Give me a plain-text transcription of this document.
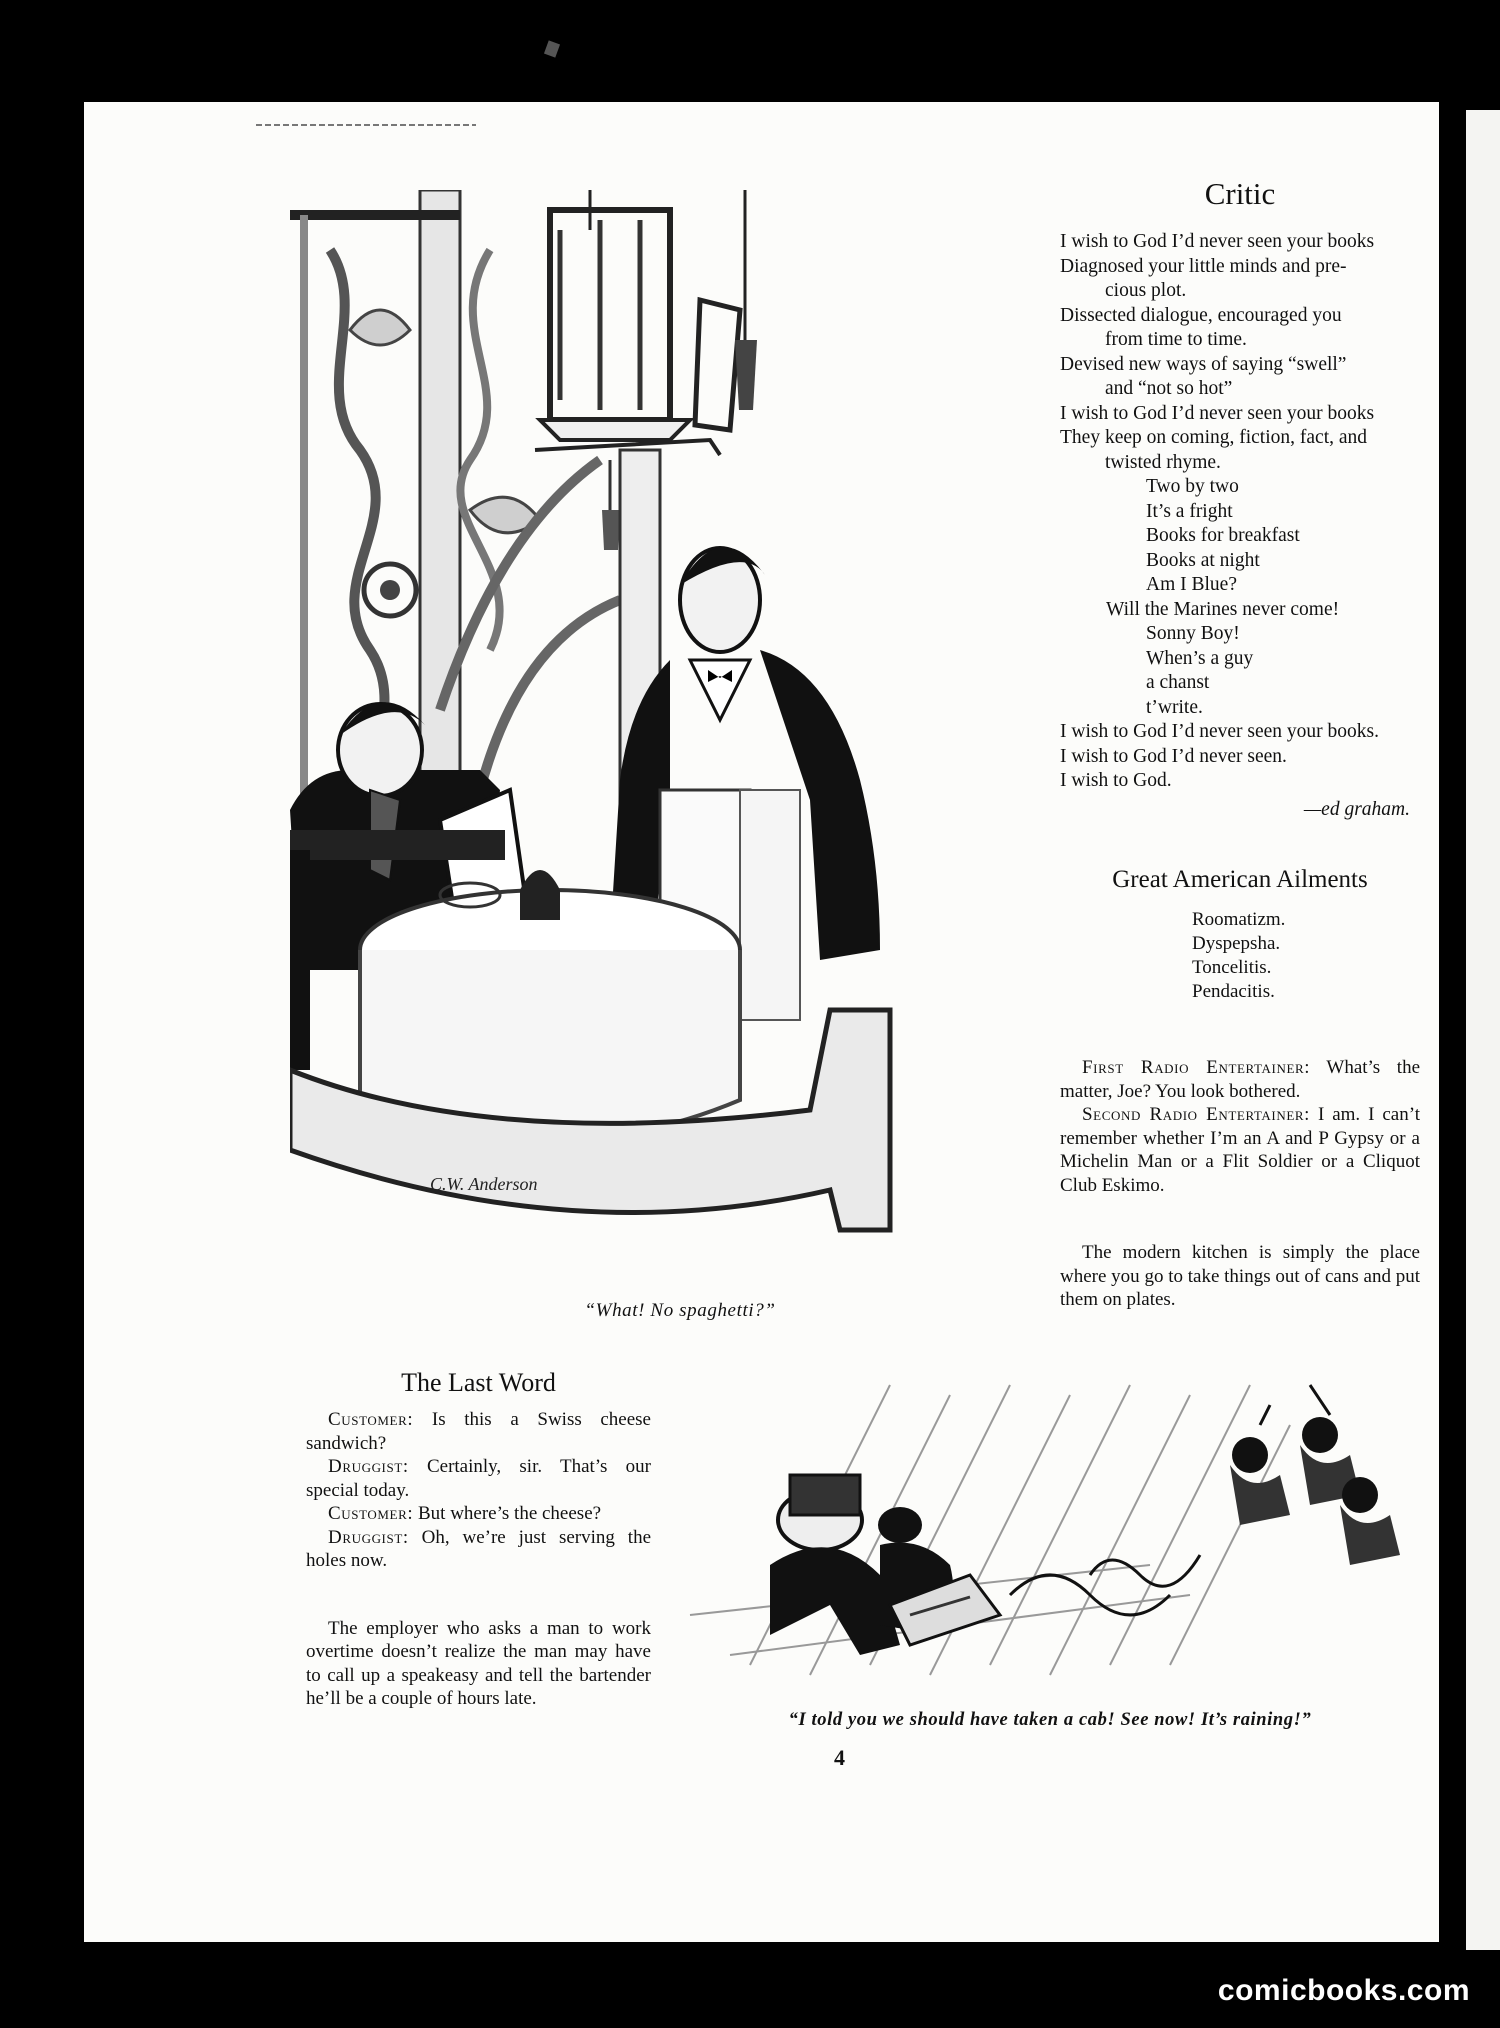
C.W. Anderson
“What! No spaghetti?”
Critic
I wish to God I’d never seen your books
Diagnosed your little minds and pre-
cious plot.
Dissected dialogue, encouraged you
from time to time.
Devised new ways of saying “swell”
and “not so hot”
I wish to God I’d never seen your books
They keep on coming, fiction, fact, and
twisted rhyme.
Two by two
It’s a fright
Books for breakfast
Books at night
Am I Blue?
Will the Marines never come!
Sonny Boy!
When’s a guy
a chanst
t’write.
I wish to God I’d never seen your books.
I wish to God I’d never seen.
I wish to God.
—ed graham.
Great American Ailments
Roomatizm.
Dyspepsha.
Toncelitis.
Pendacitis.
First Radio Entertainer: What’s the matter, Joe? You look bothered.
Second Radio Entertainer: I am. I can’t remember whether I’m an A and P Gypsy or a Michelin Man or a Flit Soldier or a Cliquot Club Eskimo.
The modern kitchen is simply the place where you go to take things out of cans and put them on plates.
The Last Word
Customer: Is this a Swiss cheese sandwich?
Druggist: Certainly, sir. That’s our special today.
Customer: But where’s the cheese?
Druggist: Oh, we’re just serving the holes now.
The employer who asks a man to work overtime doesn’t realize the man may have to call up a speakeasy and tell the bartender he’ll be a couple of hours late.
“I told you we should have taken a cab! See now! It’s raining!”
4
comicbooks.com
